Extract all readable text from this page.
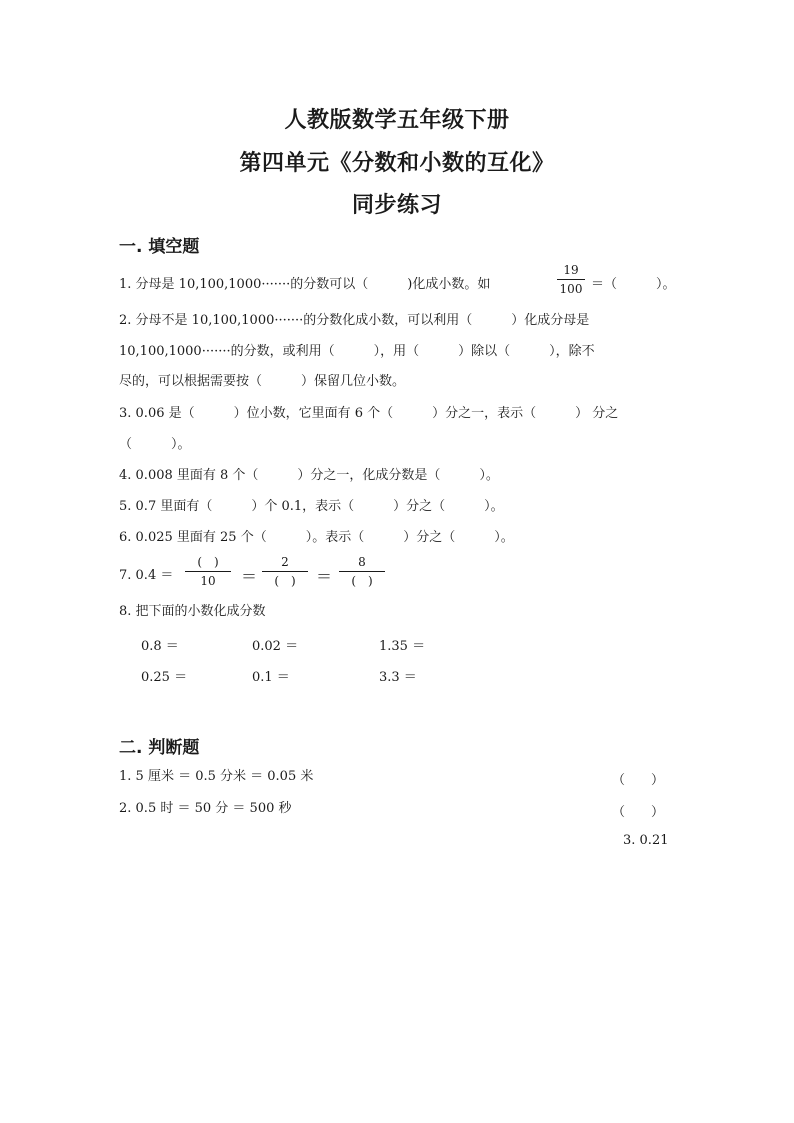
人教版数学五年级下册
第四单元《分数和小数的互化》
同步练习
一. 填空题
1. 分母是 10,100,1000·······的分数可以（　　　)化成小数。如
19
100 ＝（　　　）。
2. 分母不是 10,100,1000·······的分数化成小数，可以利用（　　　）化成分母是
10,100,1000·······的分数，或利用（　　　），用（　　　）除以（　　　），除不
尽的，可以根据需要按（　　　）保留几位小数。
3. 0.06 是（　　　）位小数，它里面有 6 个（　　　）分之一，表示（　　　） 分之
（　　　）。
4. 0.008 里面有 8 个（　　　）分之一，化成分数是（　　　）。
5. 0.7 里面有（　　　）个 0.1，表示（　　　）分之（　　　）。
6. 0.025 里面有 25 个（　　　）。表示（　　　）分之（　　　）。
7. 0.4 ＝
(　)
10	＝
2
(　)	＝
8
(　)
8. 把下面的小数化成分数
0.8 ＝	0.02 ＝	1.35 ＝
0.25 ＝	0.1 ＝	3.3 ＝
二. 判断题
1. 5 厘米 ＝ 0.5 分米 ＝ 0.05 米	（　　）
2. 0.5 时 ＝ 50 分 ＝ 500 秒	（　　）
3. 0.21
